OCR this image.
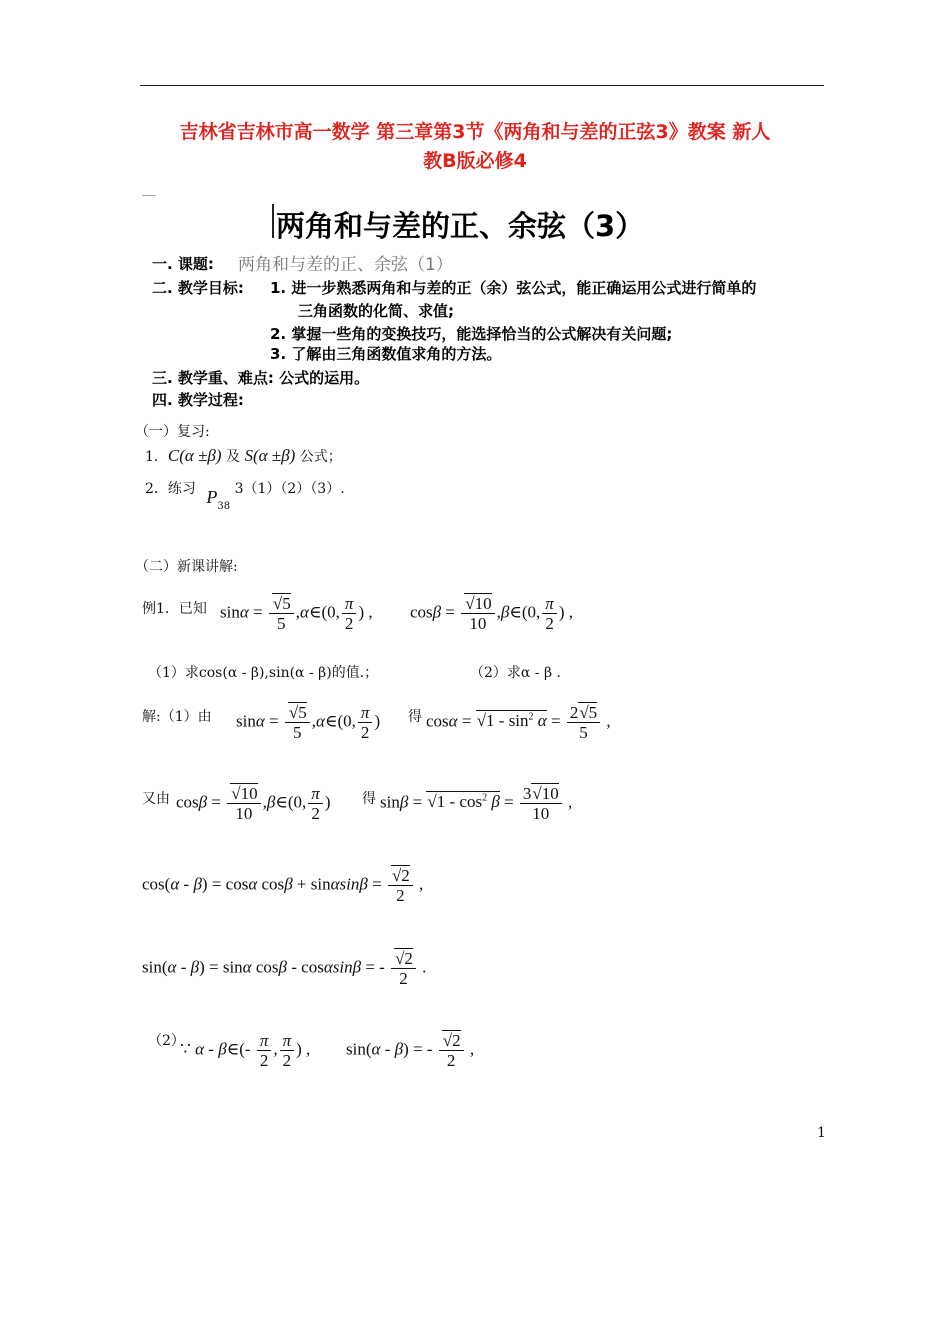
吉林省吉林市高一数学 第三章第3节《两角和与差的正弦3》教案 新人
教B版必修4
两角和与差的正、余弦（3）
一. 课题: 两角和与差的正、余弦（1）
二. 教学目标: 1. 进一步熟悉两角和与差的正（余）弦公式，能正确运用公式进行简单的
三角函数的化简、求值;
2. 掌握一些角的变换技巧，能选择恰当的公式解决有关问题;
3. 了解由三角函数值求角的方法。
三. 教学重、难点: 公式的运用。
四. 教学过程:
（一）复习:
1．C(α ±β) 及 S(α ±β) 公式；
2．练习 $P_{38}$ 3（1）（2）（3）.
（二）新课讲解:
例1．已知 $\sin\alpha = \frac{√5}{5}$ ,α∈(0, $\frac{\pi}{2}$ ) , $\cos\beta = \frac{√10}{10}$ ,β∈(0, $\frac{\pi}{2}$ ) ,
（1）求cos(α - β),sin(α - β)的值.；	（2）求α - β .
解:（1）由 $\sin\alpha = \frac{√5}{5}$ ,α∈(0, $\frac{\pi}{2}$ ) 得 $\cos\alpha = √1 - \sin^2 \alpha = \frac{2√5}{5}$ ,
又由 $\cos\beta = \frac{√10}{10}$ ,β∈(0, $\frac{\pi}{2}$ ) 得 $\sin\beta = √1 - \cos^2 \beta = \frac{3√10}{10}$ ,
cos(α - β) = cosα $\cos\beta + \sin\alpha\sin\beta = \frac{√2}{2}$ ,
sin(α - β) = sinα cosβ - cosαsinβ = - $\frac{√2}{2}$ .
（2）
∵ α - β∈(- $\frac{\pi}{2}$ , $\frac{\pi}{2}$ ) , sin(α - β) = - $\frac{√2}{2}$ ,
1
